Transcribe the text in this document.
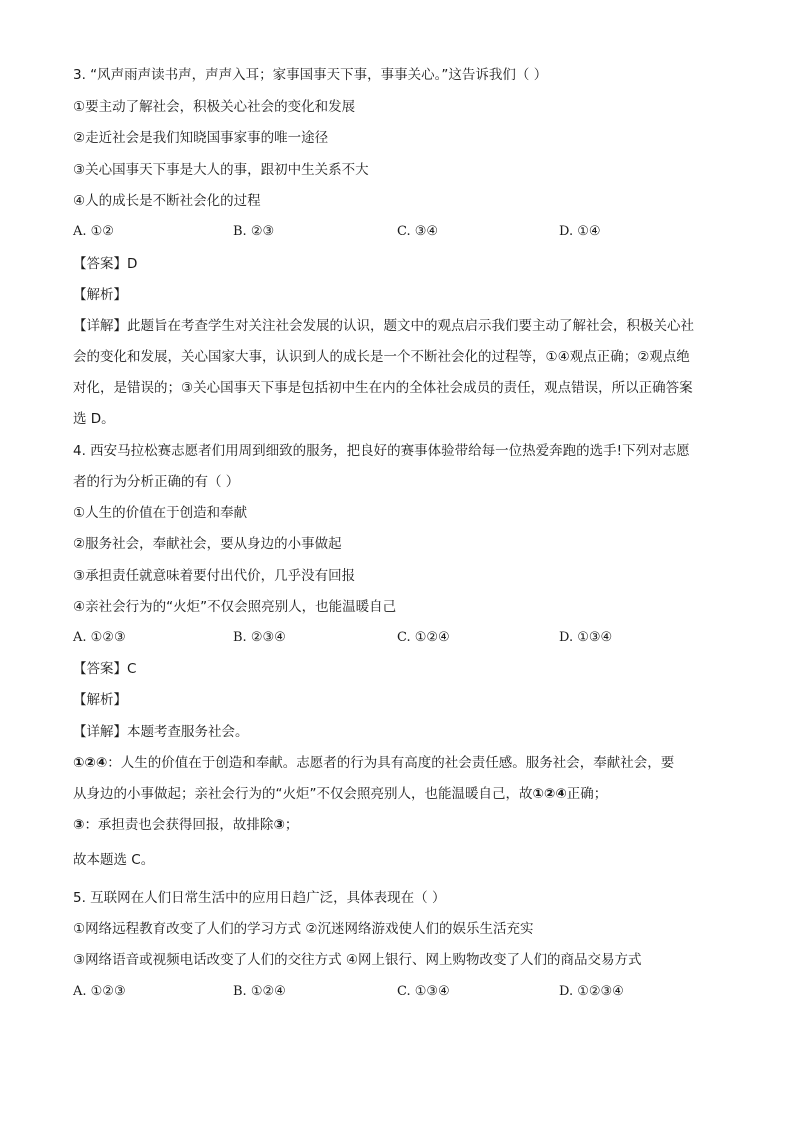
3. “风声雨声读书声，声声入耳；家事国事天下事，事事关心。”这告诉我们（ ）
①要主动了解社会，积极关心社会的变化和发展
②走近社会是我们知晓国事家事的唯一途径
③关心国事天下事是大人的事，跟初中生关系不大
④人的成长是不断社会化的过程
A. ①②	B. ②③	C. ③④	D. ①④
【答案】D
【解析】
【详解】此题旨在考查学生对关注社会发展的认识，题文中的观点启示我们要主动了解社会，积极关心社
会的变化和发展，关心国家大事，认识到人的成长是一个不断社会化的过程等，①④观点正确；②观点绝
对化，是错误的；③关心国事天下事是包括初中生在内的全体社会成员的责任，观点错误，所以正确答案
选 D。
4. 西安马拉松赛志愿者们用周到细致的服务，把良好的赛事体验带给每一位热爱奔跑的选手!下列对志愿
者的行为分析正确的有（ ）
①人生的价值在于创造和奉献
②服务社会，奉献社会，要从身边的小事做起
③承担责任就意味着要付出代价，几乎没有回报
④亲社会行为的“火炬”不仅会照亮别人，也能温暖自己
A. ①②③	B. ②③④	C. ①②④	D. ①③④
【答案】C
【解析】
【详解】本题考查服务社会。
①②④：人生的价值在于创造和奉献。志愿者的行为具有高度的社会责任感。服务社会，奉献社会，要
从身边的小事做起；亲社会行为的“火炬”不仅会照亮别人，也能温暖自己，故①②④正确；
③：承担责也会获得回报，故排除③；
故本题选 C。
5. 互联网在人们日常生活中的应用日趋广泛，具体表现在（ ）
①网络远程教育改变了人们的学习方式 ②沉迷网络游戏使人们的娱乐生活充实
③网络语音或视频电话改变了人们的交往方式 ④网上银行、网上购物改变了人们的商品交易方式
A. ①②③	B. ①②④	C. ①③④	D. ①②③④
